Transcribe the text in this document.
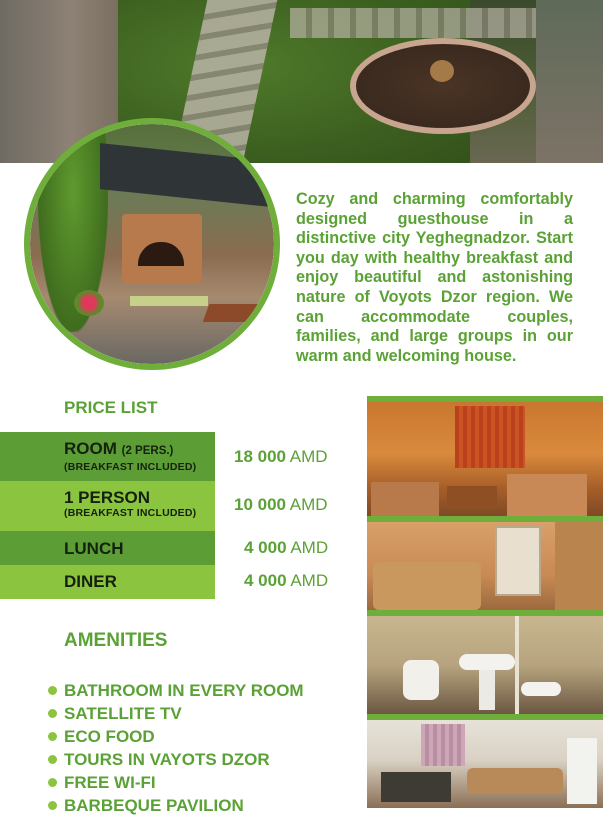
Cozy and charming comfortably designed guesthouse in a distinctive city Yeghegnadzor. Start you day with healthy breakfast and enjoy beautiful and astonishing nature of Voyots Dzor region. We can accommodate couples, families, and large groups in our warm and welcoming house.

PRICE LIST
ROOM (2 PERS.)
(BREAKFAST INCLUDED)
1 PERSON
(BREAKFAST INCLUDED)
LUNCH
DINER
18 000 AMD
10 000 AMD
4 000 AMD
4 000 AMD
AMENITIES
BATHROOM IN EVERY ROOM
SATELLITE TV
ECO FOOD
TOURS IN VAYOTS DZOR
FREE WI-FI
BARBEQUE PAVILION
